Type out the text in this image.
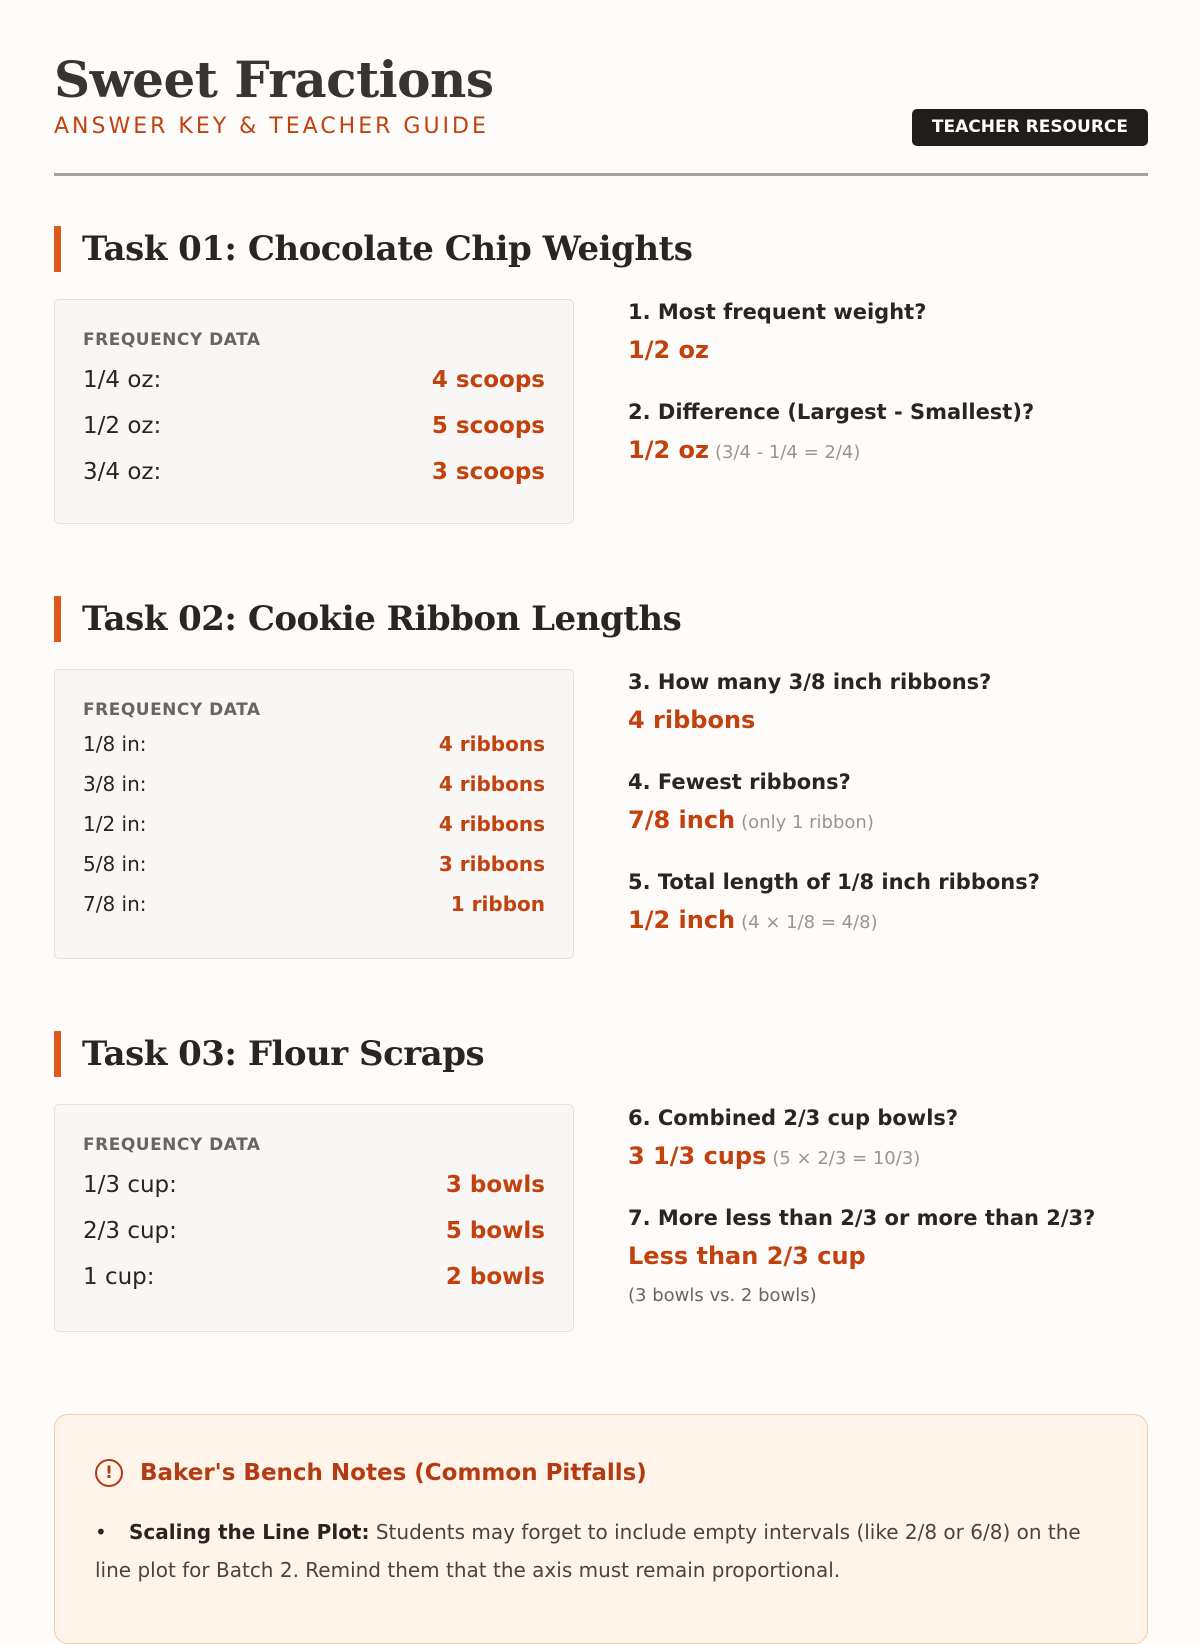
Sweet Fractions
ANSWER KEY & TEACHER GUIDE	TEACHER RESOURCE
Task 01: Chocolate Chip Weights
FREQUENCY DATA
1/4 oz:	4 scoops
1/2 oz:	5 scoops
3/4 oz:	3 scoops
1. Most frequent weight?
1/2 oz
2. Difference (Largest - Smallest)?
1/2 oz (3/4 - 1/4 = 2/4)
Task 02: Cookie Ribbon Lengths
FREQUENCY DATA
1/8 in:	4 ribbons
3/8 in:	4 ribbons
1/2 in:	4 ribbons
5/8 in:	3 ribbons
7/8 in:	1 ribbon
3. How many 3/8 inch ribbons?
4 ribbons
4. Fewest ribbons?
7/8 inch (only 1 ribbon)
5. Total length of 1/8 inch ribbons?
1/2 inch (4 × 1/8 = 4/8)
Task 03: Flour Scraps
FREQUENCY DATA
1/3 cup:	3 bowls
2/3 cup:	5 bowls
1 cup:	2 bowls
6. Combined 2/3 cup bowls?
3 1/3 cups (5 × 2/3 = 10/3)
7. More less than 2/3 or more than 2/3?
Less than 2/3 cup
(3 bowls vs. 2 bowls)
!	Baker's Bench Notes (Common Pitfalls)
• Scaling the Line Plot: Students may forget to include empty intervals (like 2/8 or 6/8) on the line plot for Batch 2. Remind them that the axis must remain proportional.
